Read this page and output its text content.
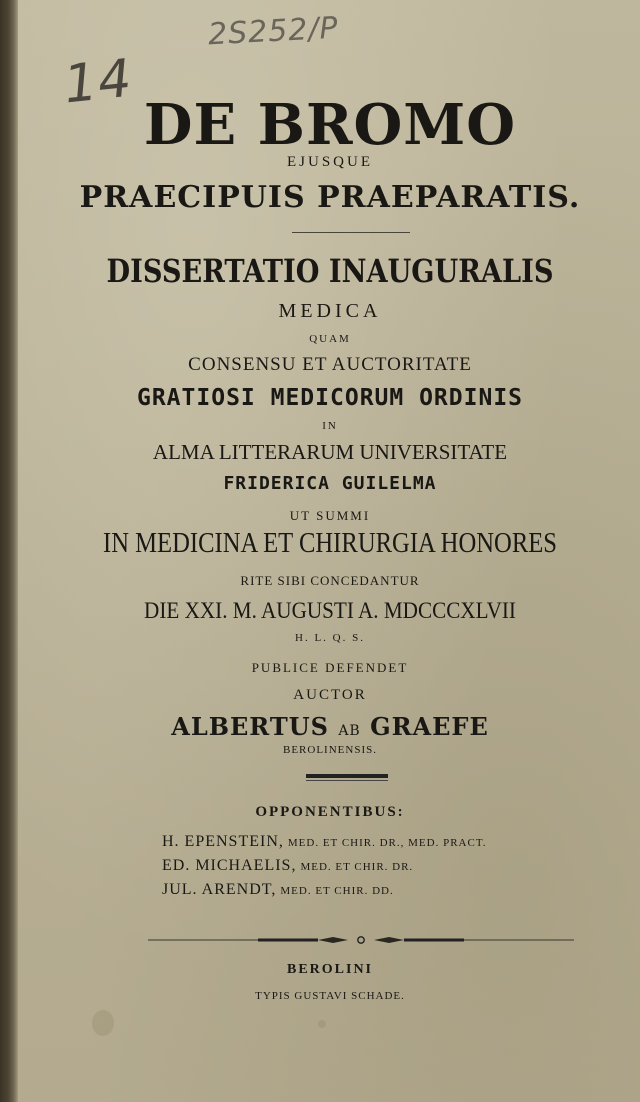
2S252/P
14
DE BROMO
EJUSQUE
PRAECIPUIS PRAEPARATIS.
DISSERTATIO INAUGURALIS
MEDICA
QUAM
CONSENSU ET AUCTORITATE
GRATIOSI MEDICORUM ORDINIS
IN
ALMA LITTERARUM UNIVERSITATE
FRIDERICA GUILELMA
UT SUMMI
IN MEDICINA ET CHIRURGIA HONORES
RITE SIBI CONCEDANTUR
DIE XXI. M. AUGUSTI A. MDCCCXLVII
H. L. Q. S.
PUBLICE DEFENDET
AUCTOR
ALBERTUS AB GRAEFE
BEROLINENSIS.
OPPONENTIBUS:
H. EPENSTEIN, MED. ET CHIR. DR., MED. PRACT.
ED. MICHAELIS, MED. ET CHIR. DR.
JUL. ARENDT, MED. ET CHIR. DD.
BEROLINI
TYPIS GUSTAVI SCHADE.
